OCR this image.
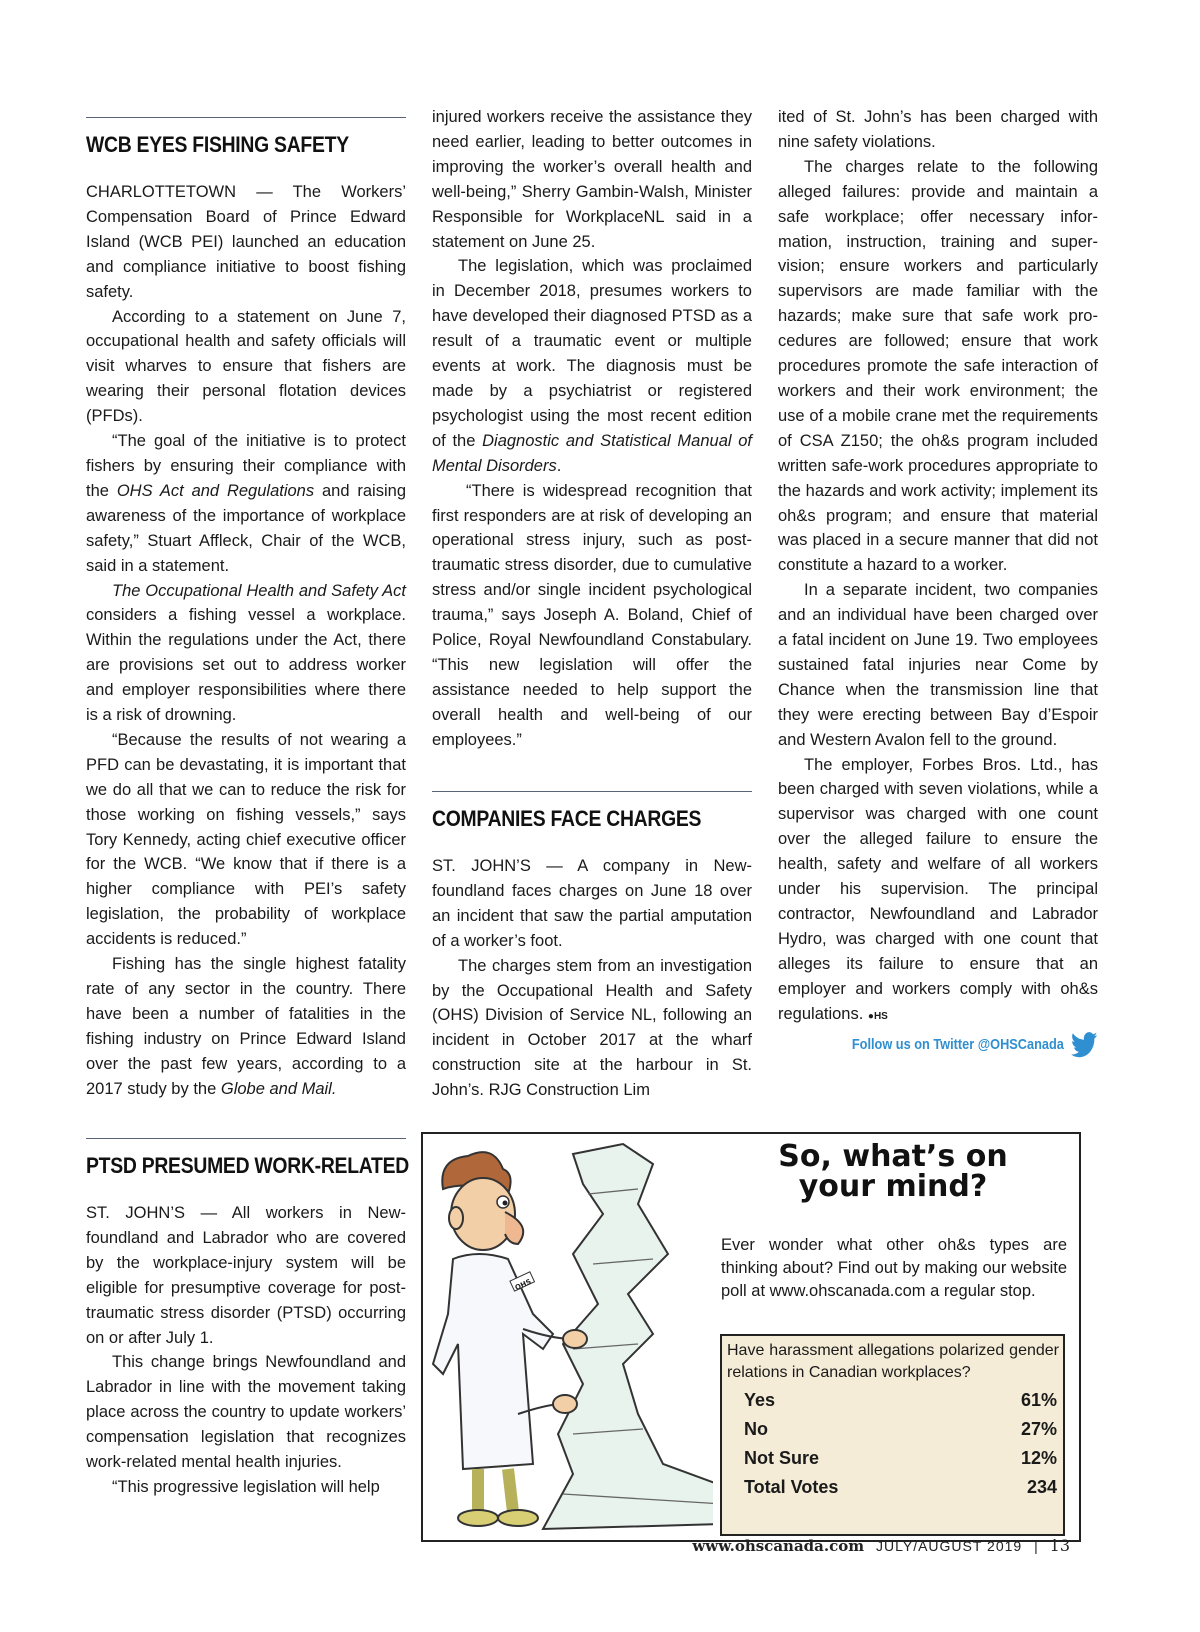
WCB EYES FISHING SAFETY

CHARLOTTETOWN — The Workers’ Compensation Board of Prince Edward Island (WCB PEI) launched an education and compliance initiative to boost fishing safety.

According to a statement on June 7, occupational health and safety officials will visit wharves to ensure that fishers are wearing their personal flotation devices (PFDs).

“The goal of the initiative is to protect fishers by ensuring their compliance with the OHS Act and Regulations and raising awareness of the importance of workplace safety,” Stuart Affleck, Chair of the WCB, said in a statement.

The Occupational Health and Safety Act considers a fishing vessel a workplace. Within the regulations under the Act, there are provisions set out to address worker and employer responsibilities where there is a risk of drowning.

“Because the results of not wearing a PFD can be devastating, it is important that we do all that we can to reduce the risk for those working on fishing vessels,” says Tory Kennedy, acting chief executive officer for the WCB. “We know that if there is a higher compliance with PEI’s safety legislation, the probability of workplace accidents is reduced.”

Fishing has the single highest fatality rate of any sector in the country. There have been a number of fatalities in the fishing industry on Prince Edward Island over the past few years, according to a 2017 study by the Globe and Mail.

PTSD PRESUMED WORK-RELATED

ST. JOHN’S — All workers in Newfoundland and Labrador who are covered by the workplace-injury system will be eligible for presumptive coverage for post-traumatic stress disorder (PTSD) occurring on or after July 1.

This change brings Newfoundland and Labrador in line with the movement taking place across the country to update workers’ compensation legislation that recognizes work-related mental health injuries.

“This progressive legislation will help

injured workers receive the assistance they need earlier, leading to better outcomes in improving the worker’s overall health and well-being,” Sherry Gambin-Walsh, Minister Responsible for WorkplaceNL said in a statement on June 25.

The legislation, which was proclaimed in December 2018, presumes workers to have developed their diagnosed PTSD as a result of a traumatic event or multiple events at work. The diagnosis must be made by a psychiatrist or registered psychologist using the most recent edition of the Diagnostic and Statistical Manual of Mental Disorders.

“There is widespread recognition that first responders are at risk of developing an operational stress injury, such as post-traumatic stress disorder, due to cumulative stress and/or single incident psychological trauma,” says Joseph A. Boland, Chief of Police, Royal Newfoundland Constabulary. “This new legislation will offer the assistance needed to help support the overall health and well-being of our employees.”

COMPANIES FACE CHARGES

ST. JOHN’S — A company in Newfoundland faces charges on June 18 over an incident that saw the partial amputation of a worker’s foot.

The charges stem from an investigation by the Occupational Health and Safety (OHS) Division of Service NL, following an incident in October 2017 at the wharf construction site at the harbour in St. John’s. RJG Construction Lim

ited of St. John’s has been charged with nine safety violations.

The charges relate to the following alleged failures: provide and maintain a safe workplace; offer necessary information, instruction, training and supervision; ensure workers and particularly supervisors are made familiar with the hazards; make sure that safe work procedures are followed; ensure that work procedures promote the safe interaction of workers and their work environment; the use of a mobile crane met the requirements of CSA Z150; the oh&s program included written safe-work procedures appropriate to the hazards and work activity; implement its oh&s program; and ensure that material was placed in a secure manner that did not constitute a hazard to a worker.

In a separate incident, two companies and an individual have been charged over a fatal incident on June 19. Two employees sustained fatal injuries near Come by Chance when the transmission line that they were erecting between Bay d’Espoir and Western Avalon fell to the ground.

The employer, Forbes Bros. Ltd., has been charged with seven violations, while a supervisor was charged with one count over the alleged failure to ensure the health, safety and welfare of all workers under his supervision. The principal contractor, Newfoundland and Labrador Hydro, was charged with one count that alleges its failure to ensure that an employer and workers comply with oh&s regulations. ●HS

Follow us on Twitter @OHSCanada
OHS
So, what’s on
your mind?
Ever wonder what other oh&s types are thinking about? Find out by making our website poll at www.ohscanada.com a regular stop.
Have harassment allegations polarized gender relations in Canadian workplaces?
Yes	61%
No	27%
Not Sure	12%
Total Votes	234
www.ohscanada.com JULY/AUGUST 2019 | 13
